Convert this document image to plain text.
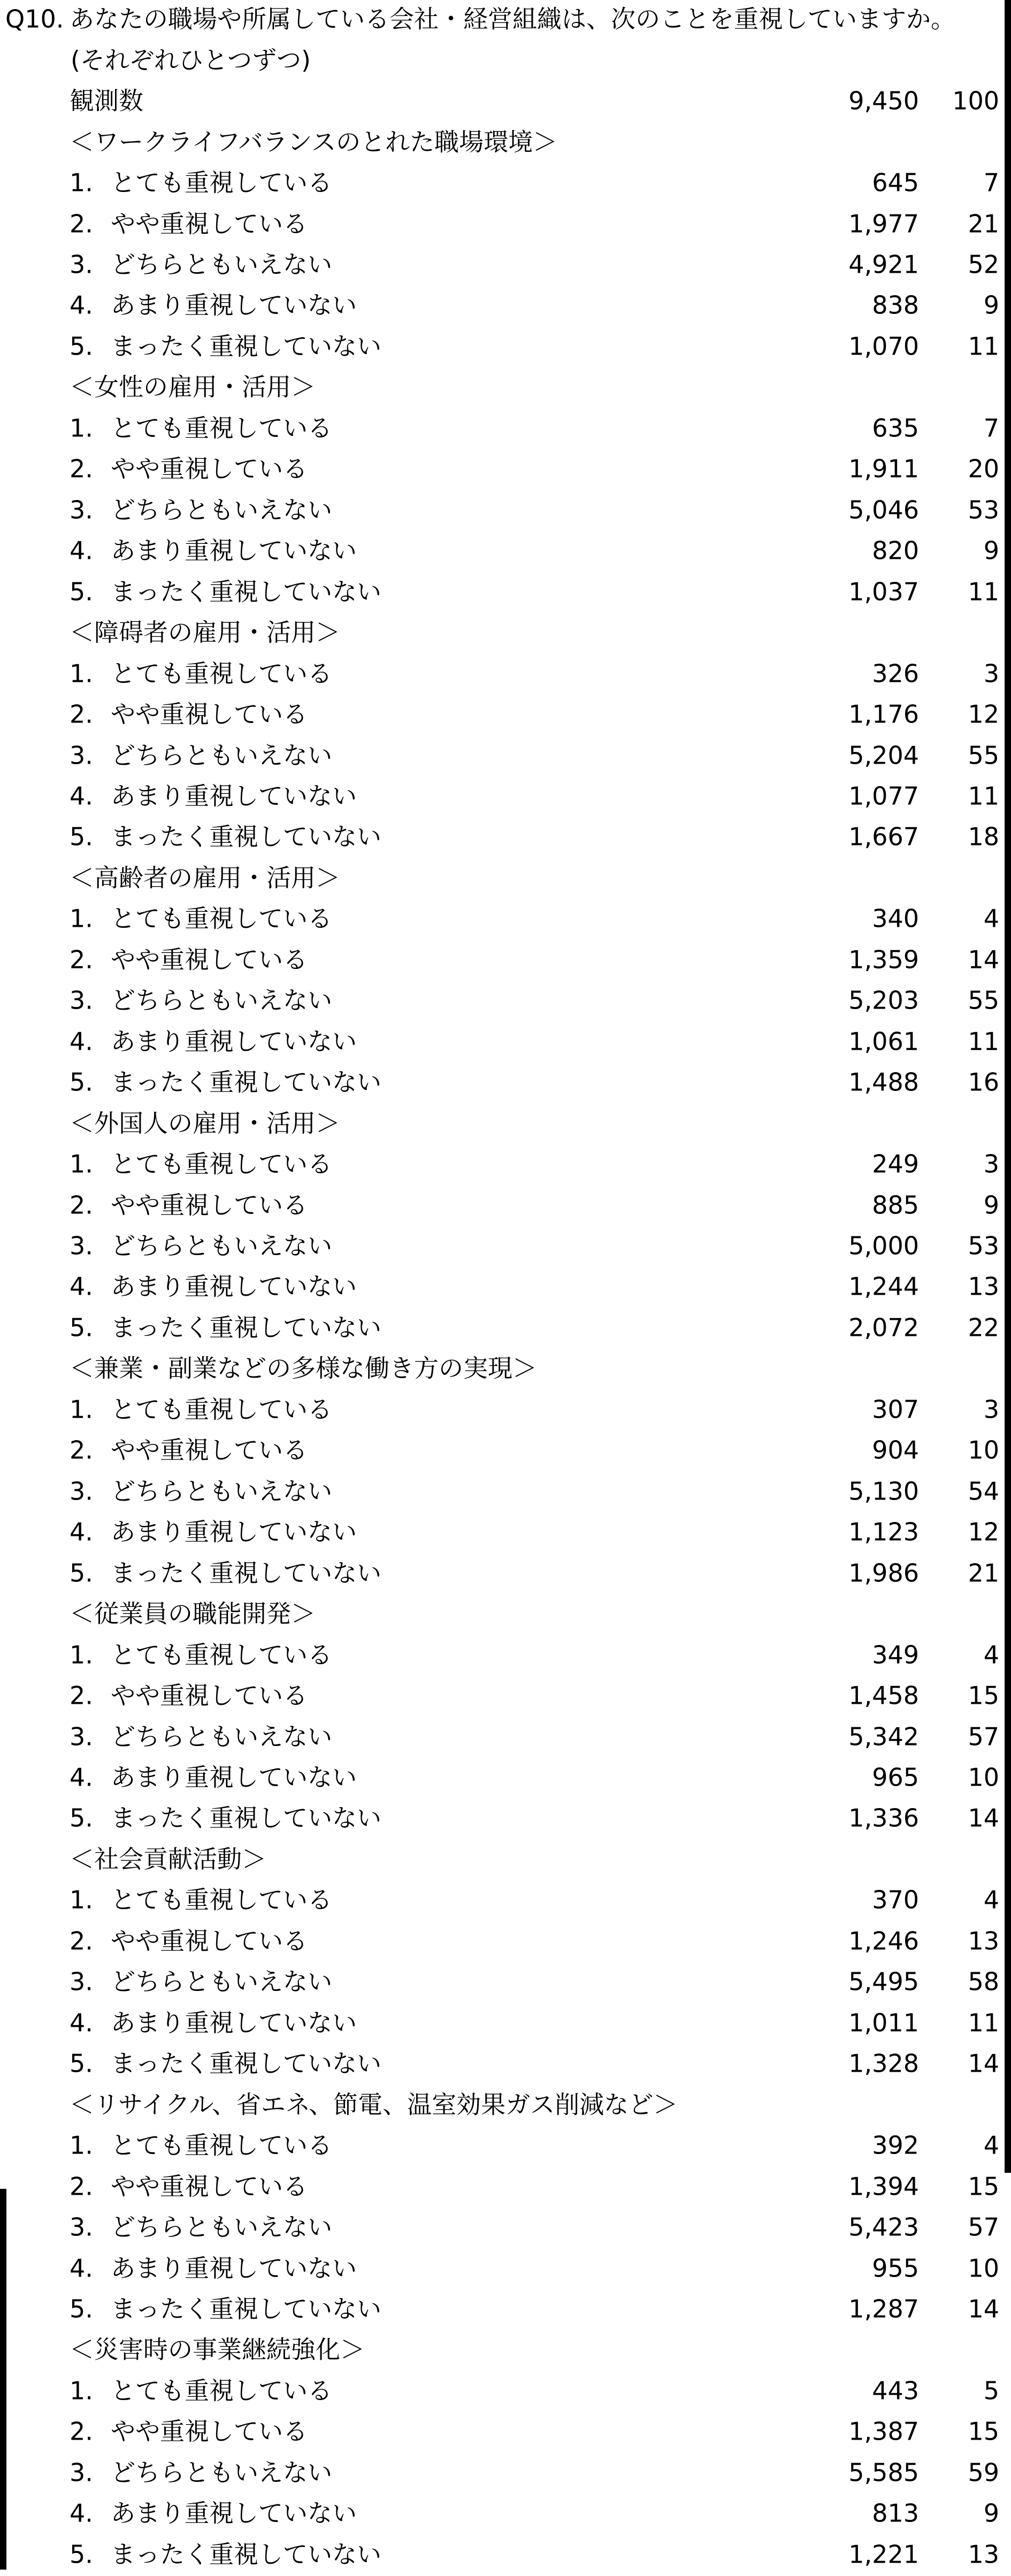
Q10. あなたの職場や所属している会社・経営組織は、次のことを重視していますか。
(それぞれひとつずつ)
観測数	9,450 100
＜ワークライフバランスのとれた職場環境＞
1. とても重視している	645	7
2. やや重視している	1,977 21
3. どちらともいえない	4,921 52
4. あまり重視していない	838	9
5. まったく重視していない	1,070 11
＜女性の雇用・活用＞
1. とても重視している	635	7
2. やや重視している	1,911 20
3. どちらともいえない	5,046 53
4. あまり重視していない	820	9
5. まったく重視していない	1,037 11
＜障碍者の雇用・活用＞
1. とても重視している	326	3
2. やや重視している	1,176 12
3. どちらともいえない	5,204 55
4. あまり重視していない	1,077 11
5. まったく重視していない	1,667 18
＜高齢者の雇用・活用＞
1. とても重視している	340	4
2. やや重視している	1,359 14
3. どちらともいえない	5,203 55
4. あまり重視していない	1,061 11
5. まったく重視していない	1,488 16
＜外国人の雇用・活用＞
1. とても重視している	249	3
2. やや重視している	885	9
3. どちらともいえない	5,000 53
4. あまり重視していない	1,244 13
5. まったく重視していない	2,072 22
＜兼業・副業などの多様な働き方の実現＞
1. とても重視している	307	3
2. やや重視している	904 10
3. どちらともいえない	5,130 54
4. あまり重視していない	1,123 12
5. まったく重視していない	1,986 21
＜従業員の職能開発＞
1. とても重視している	349	4
2. やや重視している	1,458 15
3. どちらともいえない	5,342 57
4. あまり重視していない	965 10
5. まったく重視していない	1,336 14
＜社会貢献活動＞
1. とても重視している	370	4
2. やや重視している	1,246 13
3. どちらともいえない	5,495 58
4. あまり重視していない	1,011 11
5. まったく重視していない	1,328 14
＜リサイクル、省エネ、節電、温室効果ガス削減など＞
1. とても重視している	392	4
2. やや重視している	1,394 15
3. どちらともいえない	5,423 57
4. あまり重視していない	955 10
5. まったく重視していない	1,287 14
＜災害時の事業継続強化＞
1. とても重視している	443	5
2. やや重視している	1,387 15
3. どちらともいえない	5,585 59
4. あまり重視していない	813	9
5. まったく重視していない	1,221 13
